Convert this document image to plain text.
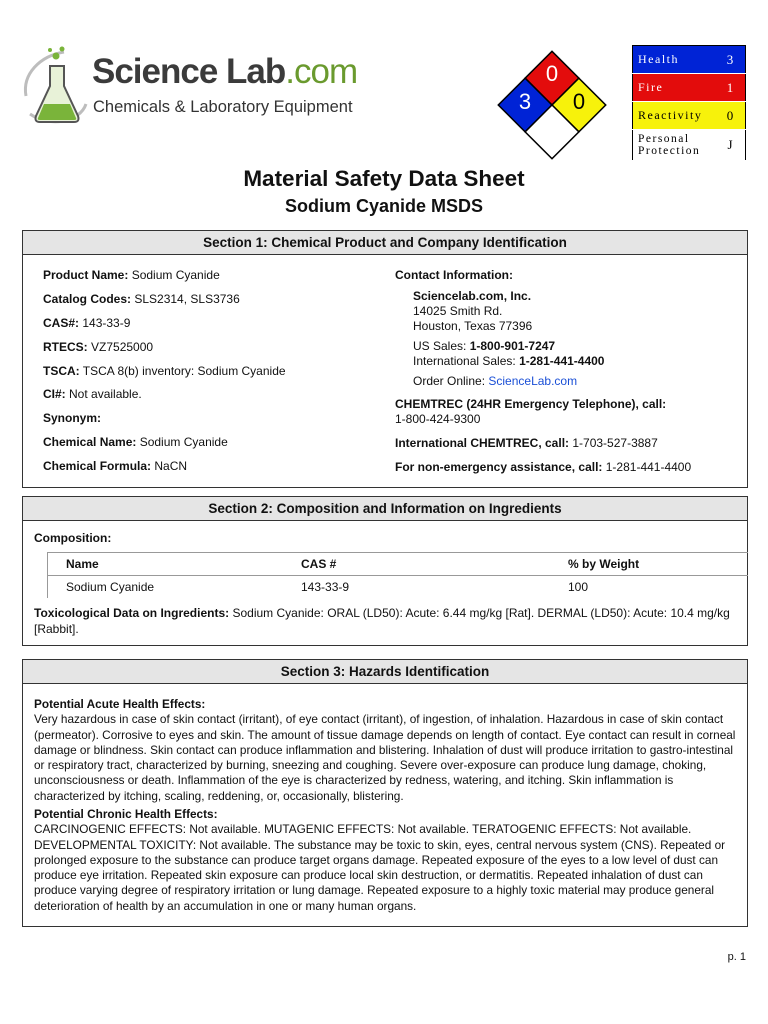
Science Lab.com
Chemicals & Laboratory Equipment
0
3 0
Health	3
Fire	1
Reactivity	0
Personal
Protection	J
Material Safety Data Sheet
Sodium Cyanide MSDS
Section 1: Chemical Product and Company Identification
Product Name: Sodium Cyanide
Catalog Codes: SLS2314, SLS3736
CAS#: 143-33-9
RTECS: VZ7525000
TSCA: TSCA 8(b) inventory: Sodium Cyanide
CI#: Not available.
Synonym:
Chemical Name: Sodium Cyanide
Chemical Formula: NaCN
Contact Information:
Sciencelab.com, Inc.
14025 Smith Rd.
Houston, Texas 77396
US Sales: 1-800-901-7247
International Sales: 1-281-441-4400
Order Online: ScienceLab.com
CHEMTREC (24HR Emergency Telephone), call:
1-800-424-9300
International CHEMTREC, call: 1-703-527-3887
For non-emergency assistance, call: 1-281-441-4400
Section 2: Composition and Information on Ingredients
Composition:
Name	CAS #	% by Weight
Sodium Cyanide	143-33-9	100
Toxicological Data on Ingredients: Sodium Cyanide: ORAL (LD50): Acute: 6.44 mg/kg [Rat]. DERMAL (LD50): Acute: 10.4 mg/kg [Rabbit].
Section 3: Hazards Identification
Potential Acute Health Effects:
Very hazardous in case of skin contact (irritant), of eye contact (irritant), of ingestion, of inhalation. Hazardous in case of skin contact (permeator). Corrosive to eyes and skin. The amount of tissue damage depends on length of contact. Eye contact can result in corneal damage or blindness. Skin contact can produce inflammation and blistering. Inhalation of dust will produce irritation to gastro-intestinal or respiratory tract, characterized by burning, sneezing and coughing. Severe over-exposure can produce lung damage, choking, unconsciousness or death. Inflammation of the eye is characterized by redness, watering, and itching. Skin inflammation is characterized by itching, scaling, reddening, or, occasionally, blistering.
Potential Chronic Health Effects:
CARCINOGENIC EFFECTS: Not available. MUTAGENIC EFFECTS: Not available. TERATOGENIC EFFECTS: Not available. DEVELOPMENTAL TOXICITY: Not available. The substance may be toxic to skin, eyes, central nervous system (CNS). Repeated or prolonged exposure to the substance can produce target organs damage. Repeated exposure of the eyes to a low level of dust can produce eye irritation. Repeated skin exposure can produce local skin destruction, or dermatitis. Repeated inhalation of dust can produce varying degree of respiratory irritation or lung damage. Repeated exposure to a highly toxic material may produce general deterioration of health by an accumulation in one or many human organs.
p. 1
